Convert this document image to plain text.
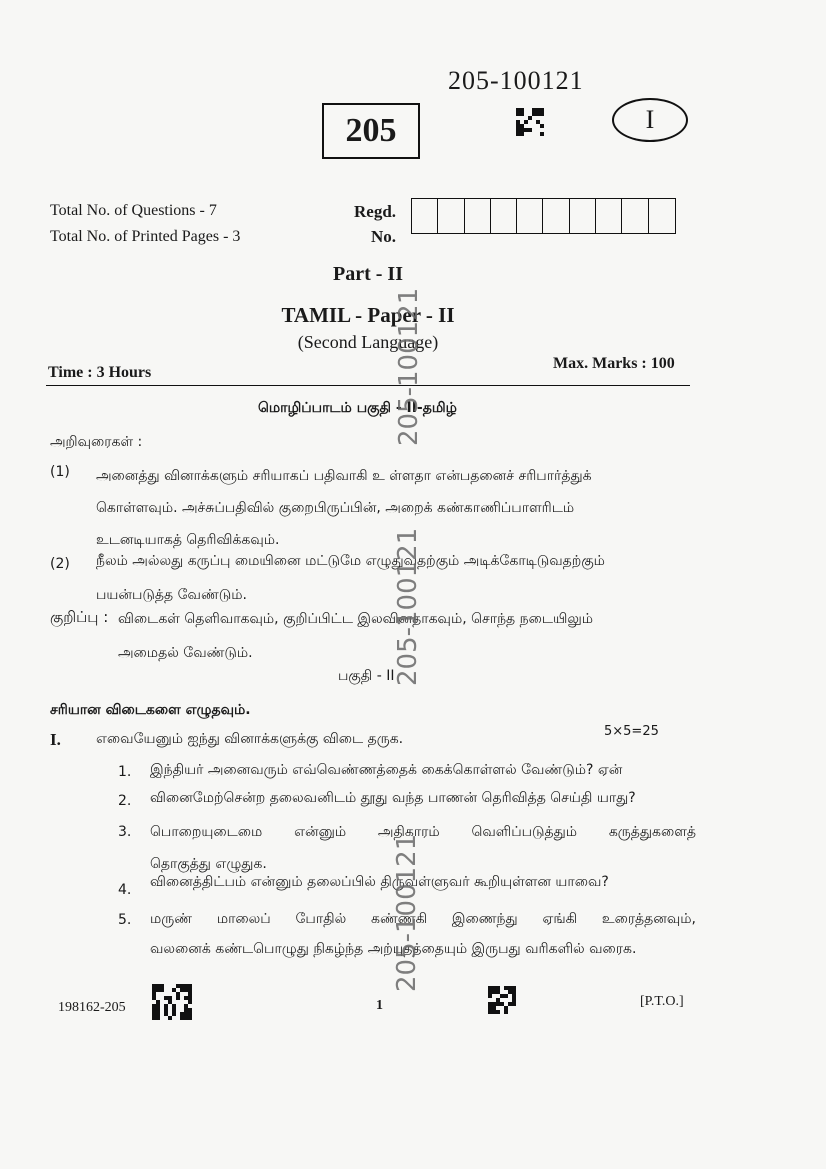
205-100121
205	I
Total No. of Questions - 7
Total No. of Printed Pages - 3
Regd.
No.
Part - II
TAMIL - Paper - II
(Second Language)
Time : 3 Hours
Max. Marks : 100
மொழிப்பாடம் பகுதி - II-தமிழ்
அறிவுரைகள் :
(1) அனைத்து வினாக்களும் சரியாகப் பதிவாகி உ ள்ளதா என்பதனைச் சரிபார்த்துக்
கொள்ளவும். அச்சுப்பதிவில் குறைபிருப்பின், அறைக் கண்காணிப்பாளரிடம்
உடனடியாகத் தெரிவிக்கவும்.
(2) நீலம் அல்லது கருப்பு மையினை மட்டுமே எழுதுவதற்கும் அடிக்கோடிடுவதற்கும்
பயன்படுத்த வேண்டும்.
குறிப்பு : விடைகள் தெளிவாகவும், குறிப்பிட்ட இலவினதாகவும், சொந்த நடையிலும்
அமைதல் வேண்டும்.
பகுதி - II
சரியான விடைகளை எழுதவும்.
I.	எவையேனும் ஐந்து வினாக்களுக்கு விடை தருக.	5×5=25
1. இந்தியர் அனைவரும் எவ்வெண்ணத்தைக் கைக்கொள்ளல் வேண்டும்? ஏன்
2. வினைமேற்சென்ற தலைவனிடம் தூது வந்த பாணன் தெரிவித்த செய்தி யாது?
3. பொறையுடைமை என்னும் அதிகாரம் வெளிப்படுத்தும் கருத்துகளைத்
தொகுத்து எழுதுக.
4. வினைத்திட்பம் என்னும் தலைப்பில் திருவள்ளுவர் கூறியுள்ளன யாவை?
5. மருண் மாலைப் போதில் கண்ணகி இணைந்து ஏங்கி உரைத்தனவும்,
வலனைக் கண்டபொழுது நிகழ்ந்த அற்புதத்தையும் இருபது வரிகளில் வரைக.
205-100121
205-100121
205-100121
198162-205	1	[P.T.O.]
